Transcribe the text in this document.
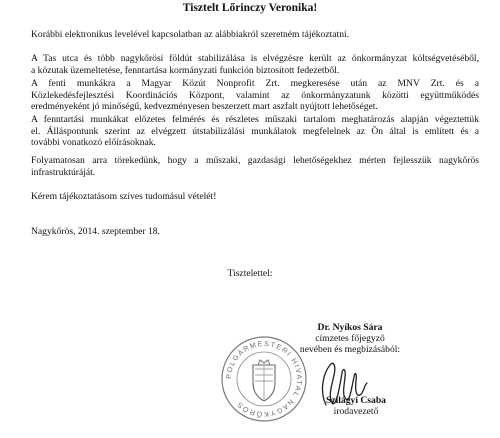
Tisztelt Lőrinczy Veronika!

Korábbi elektronikus levelével kapcsolatban az alábbiakról szeretném tájékoztatni.

A Tas utca és több nagykőrösi földút stabilizálása is elvégzésre került az önkormányzat költségvetéséből,
a közutak üzemeltetése, fenntartása kormányzati funkción biztosított fedezetből.

A fenti munkákra a Magyar Közút Nonprofit Zrt. megkeresése után az MNV Zrt. és a
Közlekedésfejlesztési Koordinációs Központ, valamint az önkormányzatunk közötti együttműködés
eredményeként jó minőségű, kedvezményesen beszerzett mart aszfalt nyújtott lehetőséget.

A fenntartási munkákat előzetes felmérés és részletes műszaki tartalom meghatározás alapján végeztettük
el. Álláspontunk szerint az elvégzett útstabilizálási munkálatok megfelelnek az Ön által is említett és a
további vonatkozó előírásoknak.

Folyamatosan arra törekedünk, hogy a műszaki, gazdasági lehetőségekhez mérten fejlesszük nagykőrös
infrastruktúráját.

Kérem tájékoztatásom szíves tudomásul vételét!

Nagykőrös, 2014. szeptember 18.

Tisztelettel:
Dr. Nyíkos Sára
címzetes főjegyző
nevében és megbízásából:
POLGÁRMESTERI HIVATAL NAGYKŐRÖS	Szilágyi Csaba
irodavezető
